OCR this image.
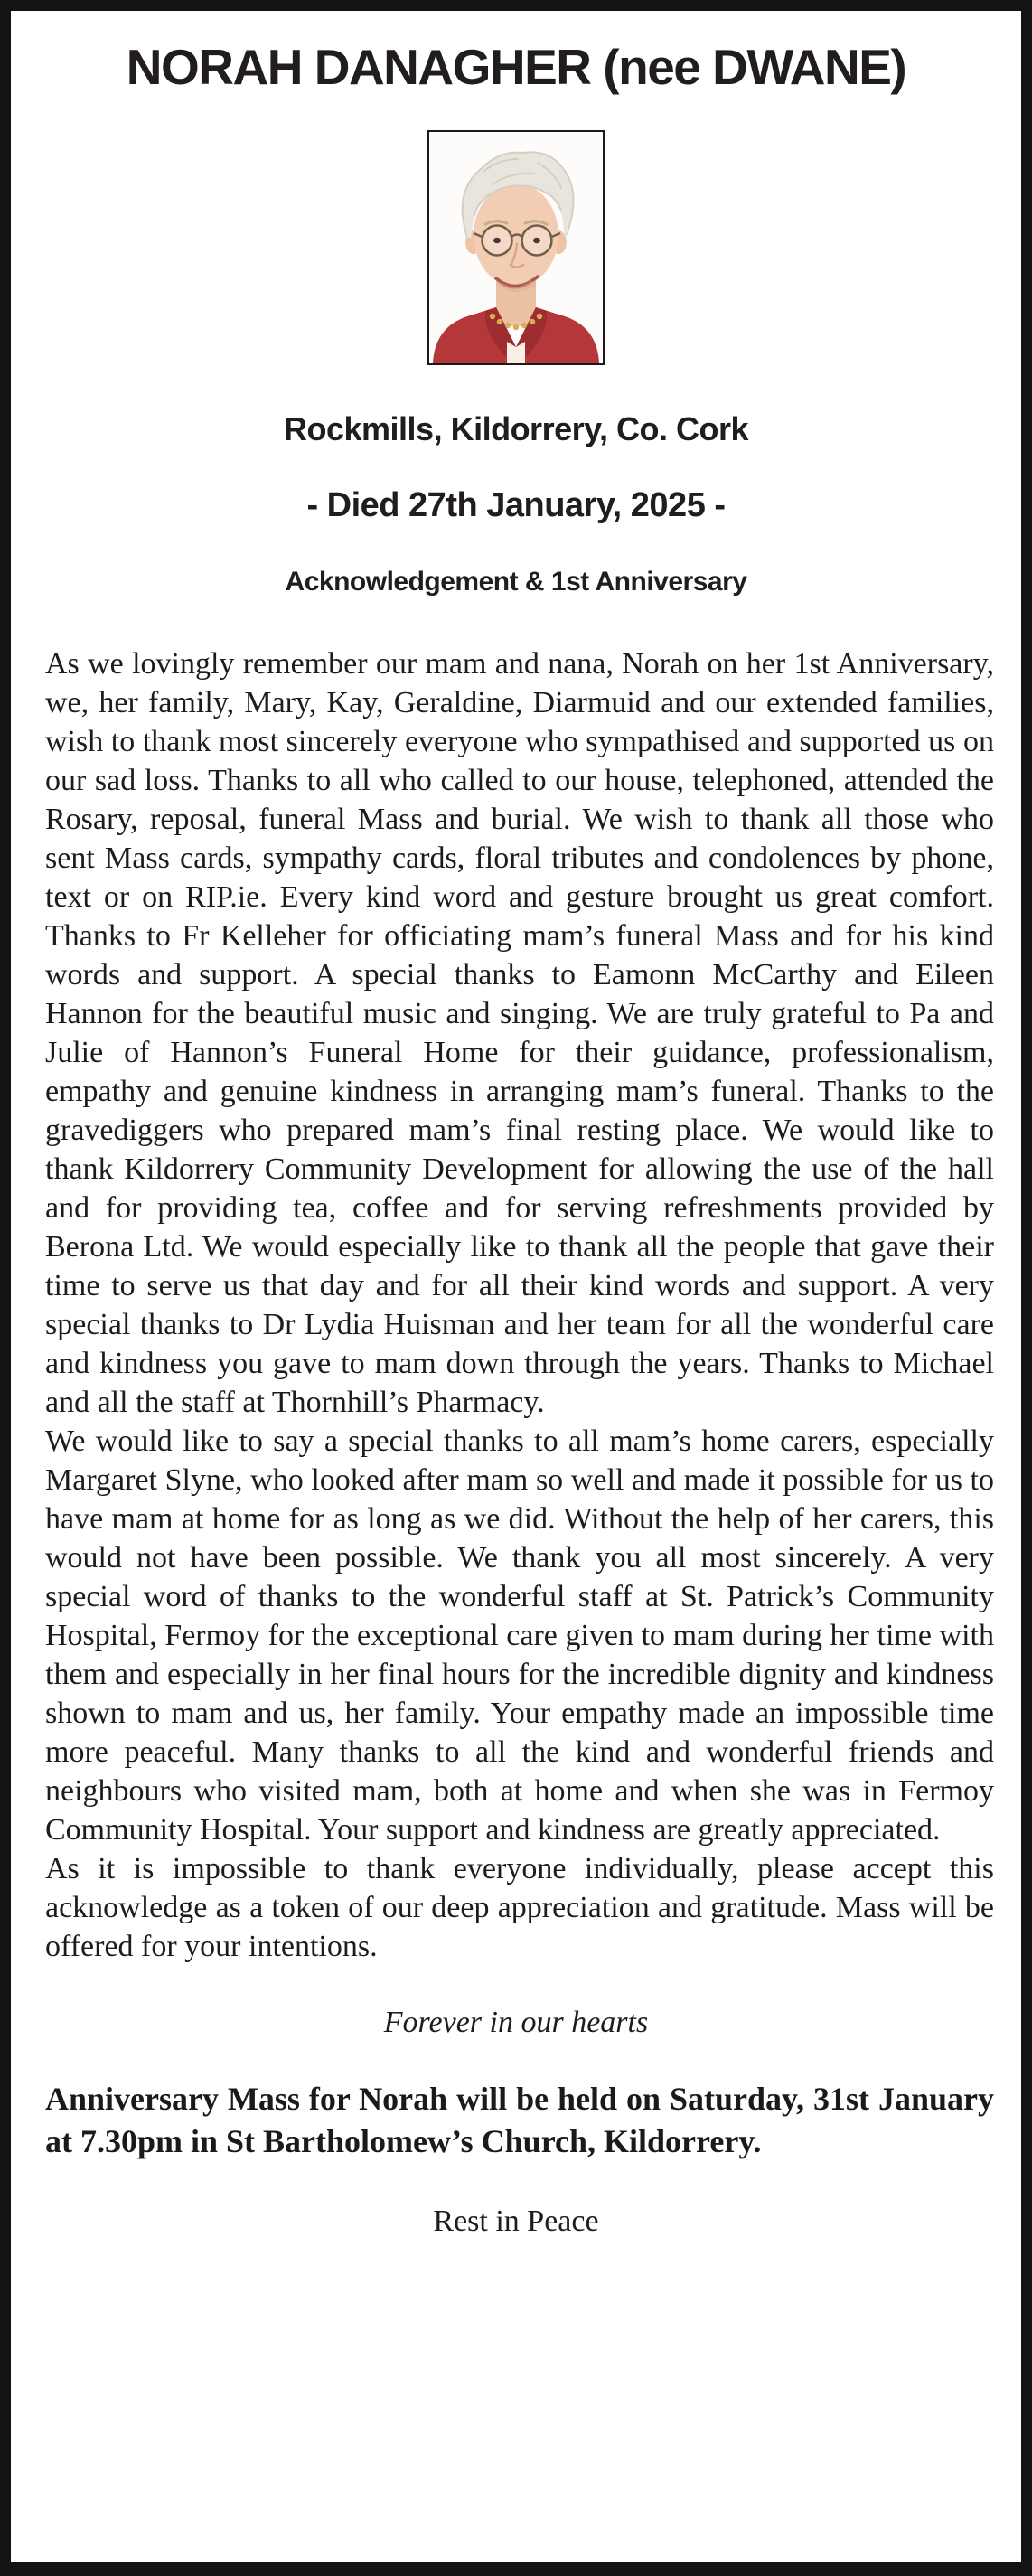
NORAH DANAGHER (nee DWANE)
Rockmills, Kildorrery, Co. Cork
- Died 27th January, 2025 -
Acknowledgement & 1st Anniversary

As we lovingly remember our mam and nana, Norah on her 1st Anniversary, we, her family, Mary, Kay, Geraldine, Diarmuid and our extended families, wish to thank most sincerely everyone who sympathised and supported us on our sad loss. Thanks to all who called to our house, telephoned, attended the Rosary, reposal, funeral Mass and burial. We wish to thank all those who sent Mass cards, sympathy cards, floral tributes and condolences by phone, text or on RIP.ie. Every kind word and gesture brought us great comfort. Thanks to Fr Kelleher for officiating mam’s funeral Mass and for his kind words and support. A special thanks to Eamonn McCarthy and Eileen Hannon for the beautiful music and singing. We are truly grateful to Pa and Julie of Hannon’s Funeral Home for their guidance, professionalism, empathy and genuine kindness in arranging mam’s funeral. Thanks to the gravediggers who prepared mam’s final resting place. We would like to thank Kildorrery Community Development for allowing the use of the hall and for providing tea, coffee and for serving refreshments provided by Berona Ltd. We would especially like to thank all the people that gave their time to serve us that day and for all their kind words and support. A very special thanks to Dr Lydia Huisman and her team for all the wonderful care and kindness you gave to mam down through the years. Thanks to Michael and all the staff at Thornhill’s Pharmacy.

We would like to say a special thanks to all mam’s home carers, especially Margaret Slyne, who looked after mam so well and made it possible for us to have mam at home for as long as we did. Without the help of her carers, this would not have been possible. We thank you all most sincerely. A very special word of thanks to the wonderful staff at St. Patrick’s Community Hospital, Fermoy for the exceptional care given to mam during her time with them and especially in her final hours for the incredible dignity and kindness shown to mam and us, her family. Your empathy made an impossible time more peaceful. Many thanks to all the kind and wonderful friends and neighbours who visited mam, both at home and when she was in Fermoy Community Hospital. Your support and kindness are greatly appreciated.

As it is impossible to thank everyone individually, please accept this acknowledge as a token of our deep appreciation and gratitude. Mass will be offered for your intentions.

Forever in our hearts

Anniversary Mass for Norah will be held on Saturday, 31st January at 7.30pm in St Bartholomew’s Church, Kildorrery.

Rest in Peace
